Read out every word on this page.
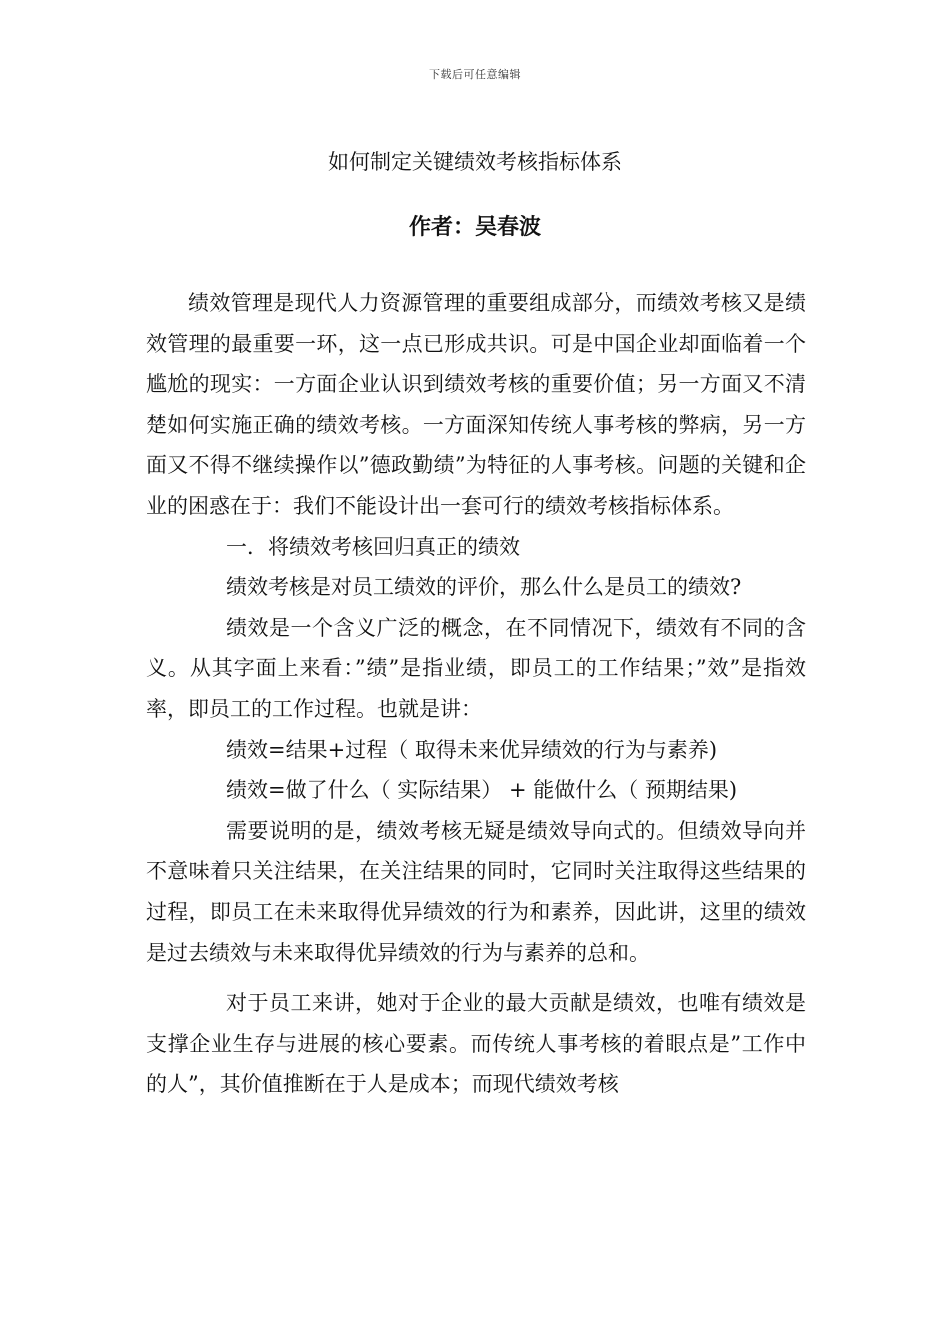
下载后可任意编辑
如何制定关键绩效考核指标体系
作者：吴春波

绩效管理是现代人力资源管理的重要组成部分，而绩效考核又是绩效管理的最重要一环，这一点已形成共识。可是中国企业却面临着一个尴尬的现实：一方面企业认识到绩效考核的重要价值；另一方面又不清楚如何实施正确的绩效考核。一方面深知传统人事考核的弊病，另一方面又不得不继续操作以”德政勤绩”为特征的人事考核。问题的关键和企业的困惑在于：我们不能设计出一套可行的绩效考核指标体系。

一．将绩效考核回归真正的绩效

绩效考核是对员工绩效的评价，那么什么是员工的绩效?

绩效是一个含义广泛的概念，在不同情况下，绩效有不同的含义。从其字面上来看：”绩”是指业绩，即员工的工作结果；”效”是指效率，即员工的工作过程。也就是讲：

绩效=结果+过程（ 取得未来优异绩效的行为与素养)

绩效=做了什么（ 实际结果） + 能做什么（ 预期结果)

需要说明的是，绩效考核无疑是绩效导向式的。但绩效导向并不意味着只关注结果，在关注结果的同时，它同时关注取得这些结果的过程，即员工在未来取得优异绩效的行为和素养，因此讲，这里的绩效是过去绩效与未来取得优异绩效的行为与素养的总和。

对于员工来讲，她对于企业的最大贡献是绩效，也唯有绩效是支撑企业生存与进展的核心要素。而传统人事考核的着眼点是”工作中的人”，其价值推断在于人是成本；而现代绩效考核
